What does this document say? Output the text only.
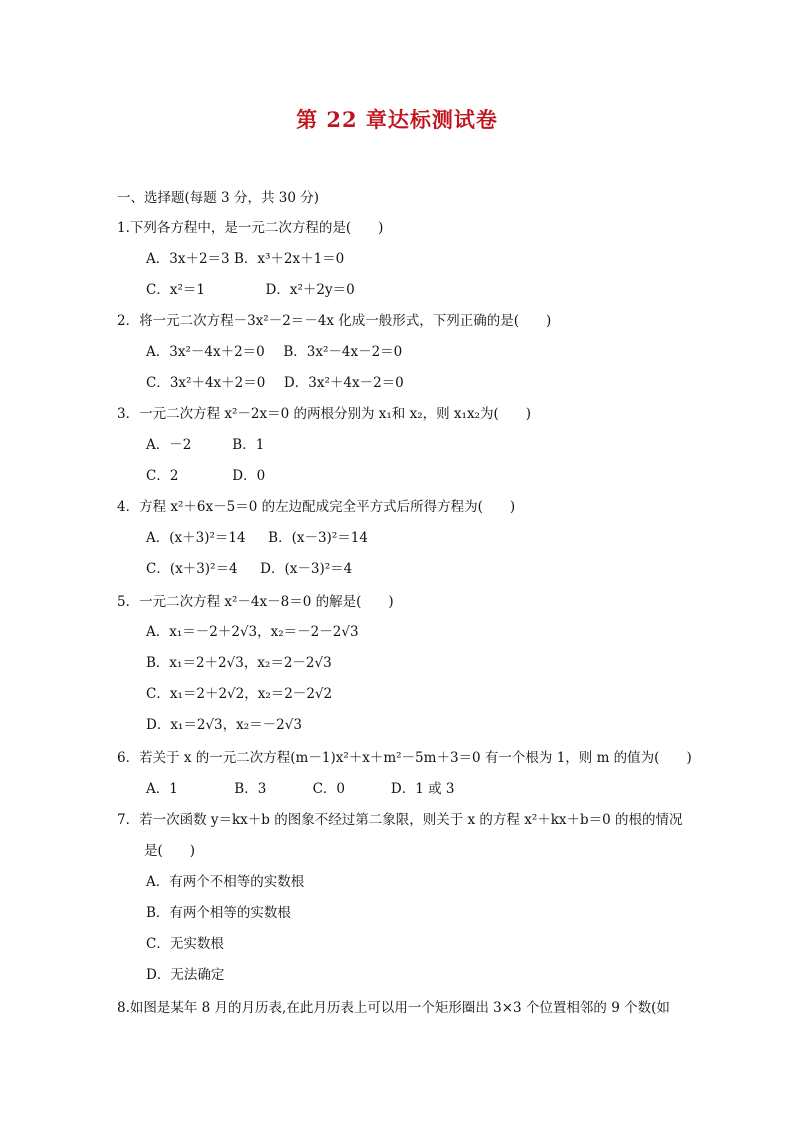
第 22 章达标测试卷
一、选择题(每题 3 分，共 30 分)
1.下列各方程中，是一元二次方程的是(　　)
A．3x＋2＝3 B．x³＋2x＋1＝0
C．x²＝1	D．x²＋2y＝0
2．将一元二次方程－3x²－2＝－4x 化成一般形式，下列正确的是(　　)
A．3x²－4x＋2＝0 B．3x²－4x－2＝0
C．3x²＋4x＋2＝0 D．3x²＋4x－2＝0
3．一元二次方程 x²－2x＝0 的两根分别为 x₁和 x₂，则 x₁x₂为(　　)
A．－2	B．1
C．2	D．0
4．方程 x²＋6x－5＝0 的左边配成完全平方式后所得方程为(　　)
A．(x＋3)²＝14 B．(x－3)²＝14
C．(x＋3)²＝4 D．(x－3)²＝4
5．一元二次方程 x²－4x－8＝0 的解是(　　)
A．x₁＝－2＋2√3，x₂＝－2－2√3
B．x₁＝2＋2√3，x₂＝2－2√3
C．x₁＝2＋2√2，x₂＝2－2√2
D．x₁＝2√3，x₂＝－2√3
6．若关于 x 的一元二次方程(m－1)x²＋x＋m²－5m＋3＝0 有一个根为 1，则 m 的值为(　　)
A．1	B．3	C．0	D．1 或 3
7．若一次函数 y＝kx＋b 的图象不经过第二象限，则关于 x 的方程 x²＋kx＋b＝0 的根的情况
是(　　)
A．有两个不相等的实数根
B．有两个相等的实数根
C．无实数根
D．无法确定
8.如图是某年 8 月的月历表,在此月历表上可以用一个矩形圈出 3×3 个位置相邻的 9 个数(如
